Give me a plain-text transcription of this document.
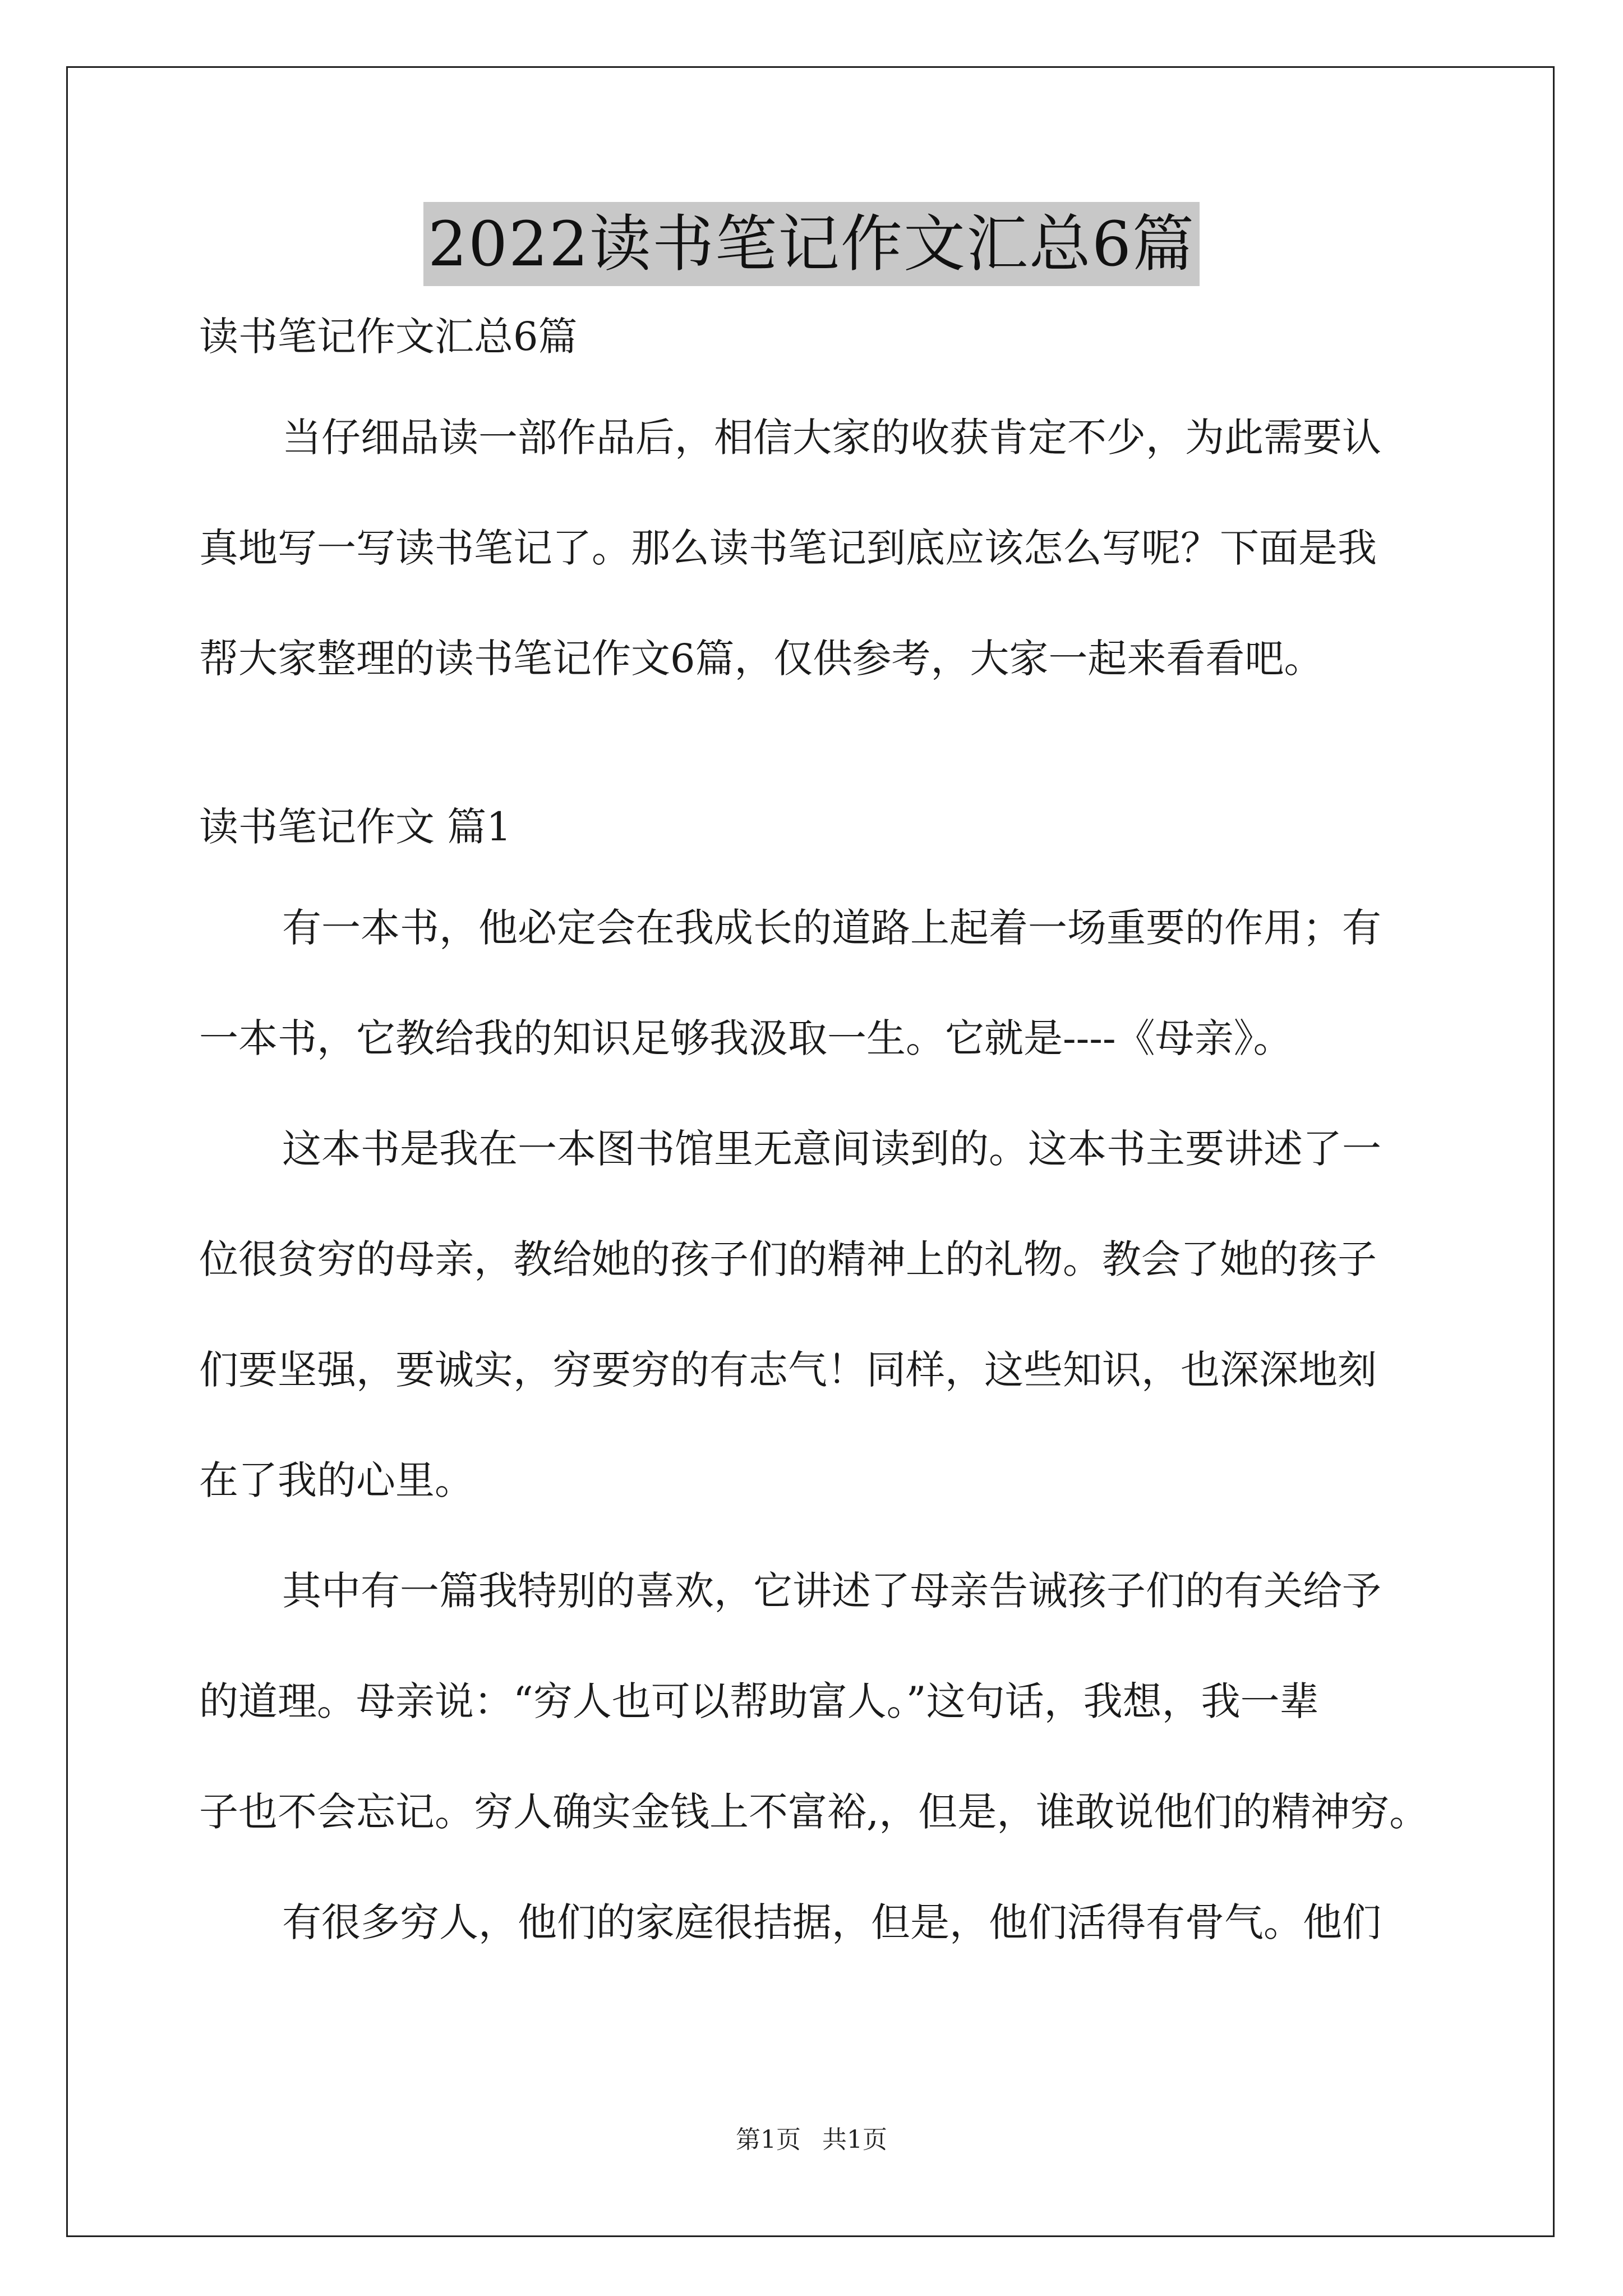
2022读书笔记作文汇总6篇
读书笔记作文汇总6篇
当仔细品读一部作品后，相信大家的收获肯定不少，为此需要认
真地写一写读书笔记了。那么读书笔记到底应该怎么写呢？下面是我
帮大家整理的读书笔记作文6篇，仅供参考，大家一起来看看吧。
读书笔记作文 篇1
有一本书，他必定会在我成长的道路上起着一场重要的作用；有
一本书，它教给我的知识足够我汲取一生。它就是----《母亲》。
这本书是我在一本图书馆里无意间读到的。这本书主要讲述了一
位很贫穷的母亲，教给她的孩子们的精神上的礼物。教会了她的孩子
们要坚强，要诚实，穷要穷的有志气！同样，这些知识，也深深地刻
在了我的心里。
其中有一篇我特别的喜欢，它讲述了母亲告诫孩子们的有关给予
的道理。母亲说：“穷人也可以帮助富人。”这句话，我想，我一辈
子也不会忘记。穷人确实金钱上不富裕,，但是，谁敢说他们的精神穷。
有很多穷人，他们的家庭很拮据，但是，他们活得有骨气。他们
第1页 共1页
